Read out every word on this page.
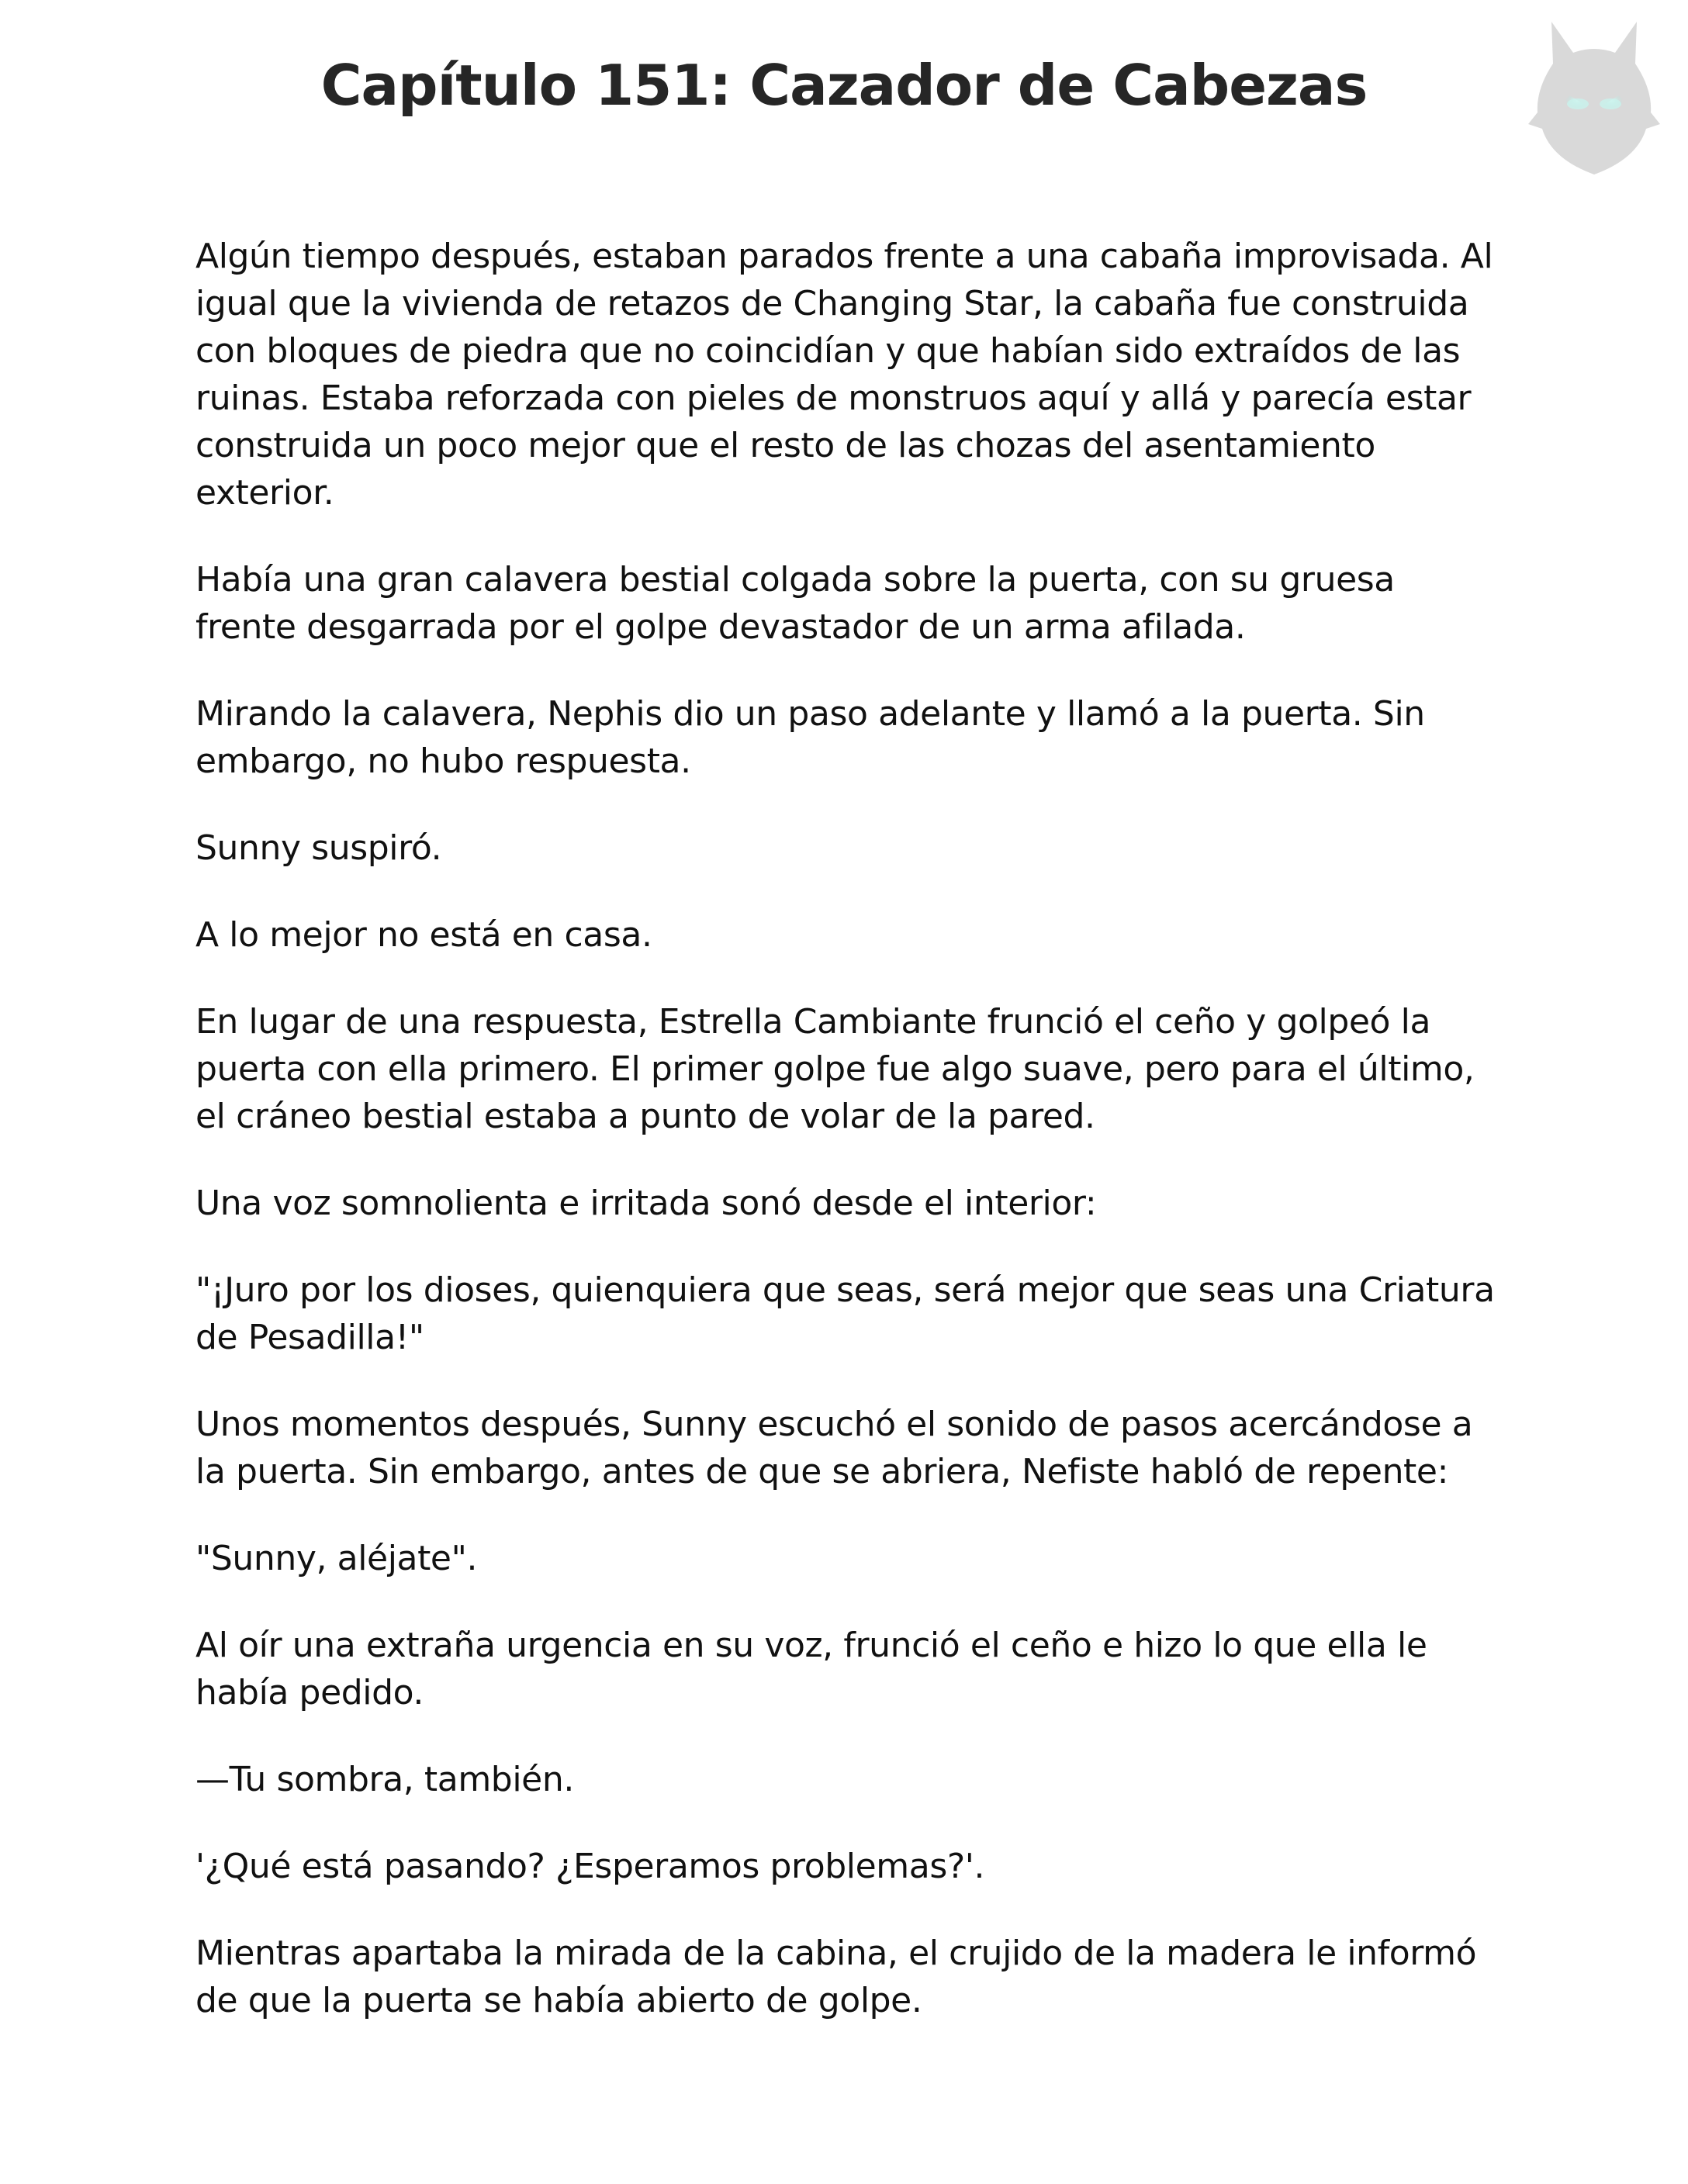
Capítulo 151: Cazador de Cabezas

Algún tiempo después, estaban parados frente a una cabaña improvisada. Al igual que la vivienda de retazos de Changing Star, la cabaña fue construida con bloques de piedra que no coincidían y que habían sido extraídos de las ruinas. Estaba reforzada con pieles de monstruos aquí y allá y parecía estar construida un poco mejor que el resto de las chozas del asentamiento exterior.

Había una gran calavera bestial colgada sobre la puerta, con su gruesa frente desgarrada por el golpe devastador de un arma afilada.

Mirando la calavera, Nephis dio un paso adelante y llamó a la puerta. Sin embargo, no hubo respuesta.

Sunny suspiró.

A lo mejor no está en casa.

En lugar de una respuesta, Estrella Cambiante frunció el ceño y golpeó la puerta con ella primero. El primer golpe fue algo suave, pero para el último, el cráneo bestial estaba a punto de volar de la pared.

Una voz somnolienta e irritada sonó desde el interior:

"¡Juro por los dioses, quienquiera que seas, será mejor que seas una Criatura de Pesadilla!"

Unos momentos después, Sunny escuchó el sonido de pasos acercándose a la puerta. Sin embargo, antes de que se abriera, Nefiste habló de repente:

"Sunny, aléjate".

Al oír una extraña urgencia en su voz, frunció el ceño e hizo lo que ella le había pedido.

—Tu sombra, también.

'¿Qué está pasando? ¿Esperamos problemas?'.

Mientras apartaba la mirada de la cabina, el crujido de la madera le informó de que la puerta se había abierto de golpe.
